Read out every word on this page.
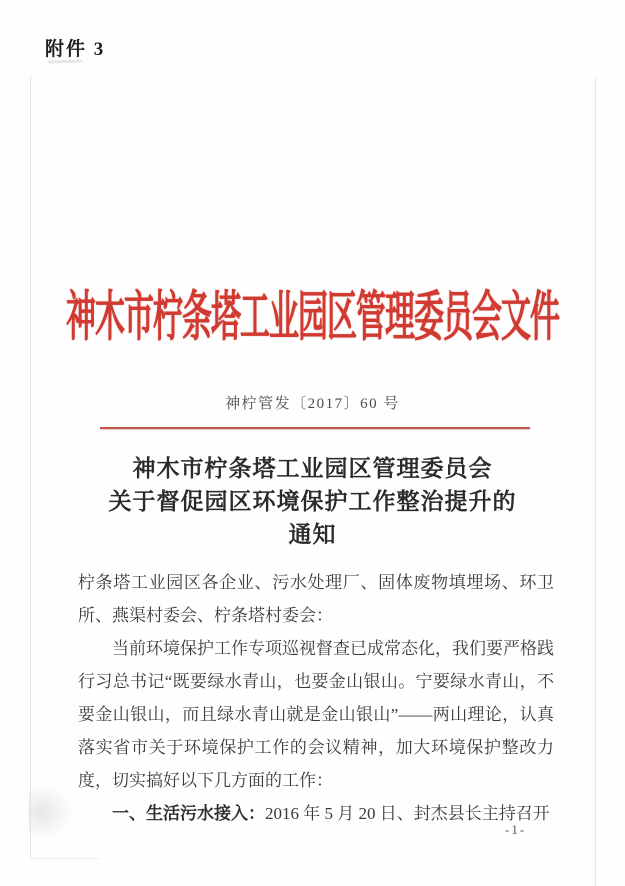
附件 3
神木市柠条塔工业园区管理委员会文件
神柠管发〔2017〕60 号
神木市柠条塔工业园区管理委员会
关于督促园区环境保护工作整治提升的
通知

柠条塔工业园区各企业、污水处理厂、固体废物填埋场、环卫所、燕渠村委会、柠条塔村委会：

当前环境保护工作专项巡视督查已成常态化，我们要严格践行习总书记“既要绿水青山，也要金山银山。宁要绿水青山，不要金山银山，而且绿水青山就是金山银山”——两山理论，认真落实省市关于环境保护工作的会议精神，加大环境保护整改力度，切实搞好以下几方面的工作：

一、生活污水接入：2016 年 5 月 20 日、封杰县长主持召开

-1-
